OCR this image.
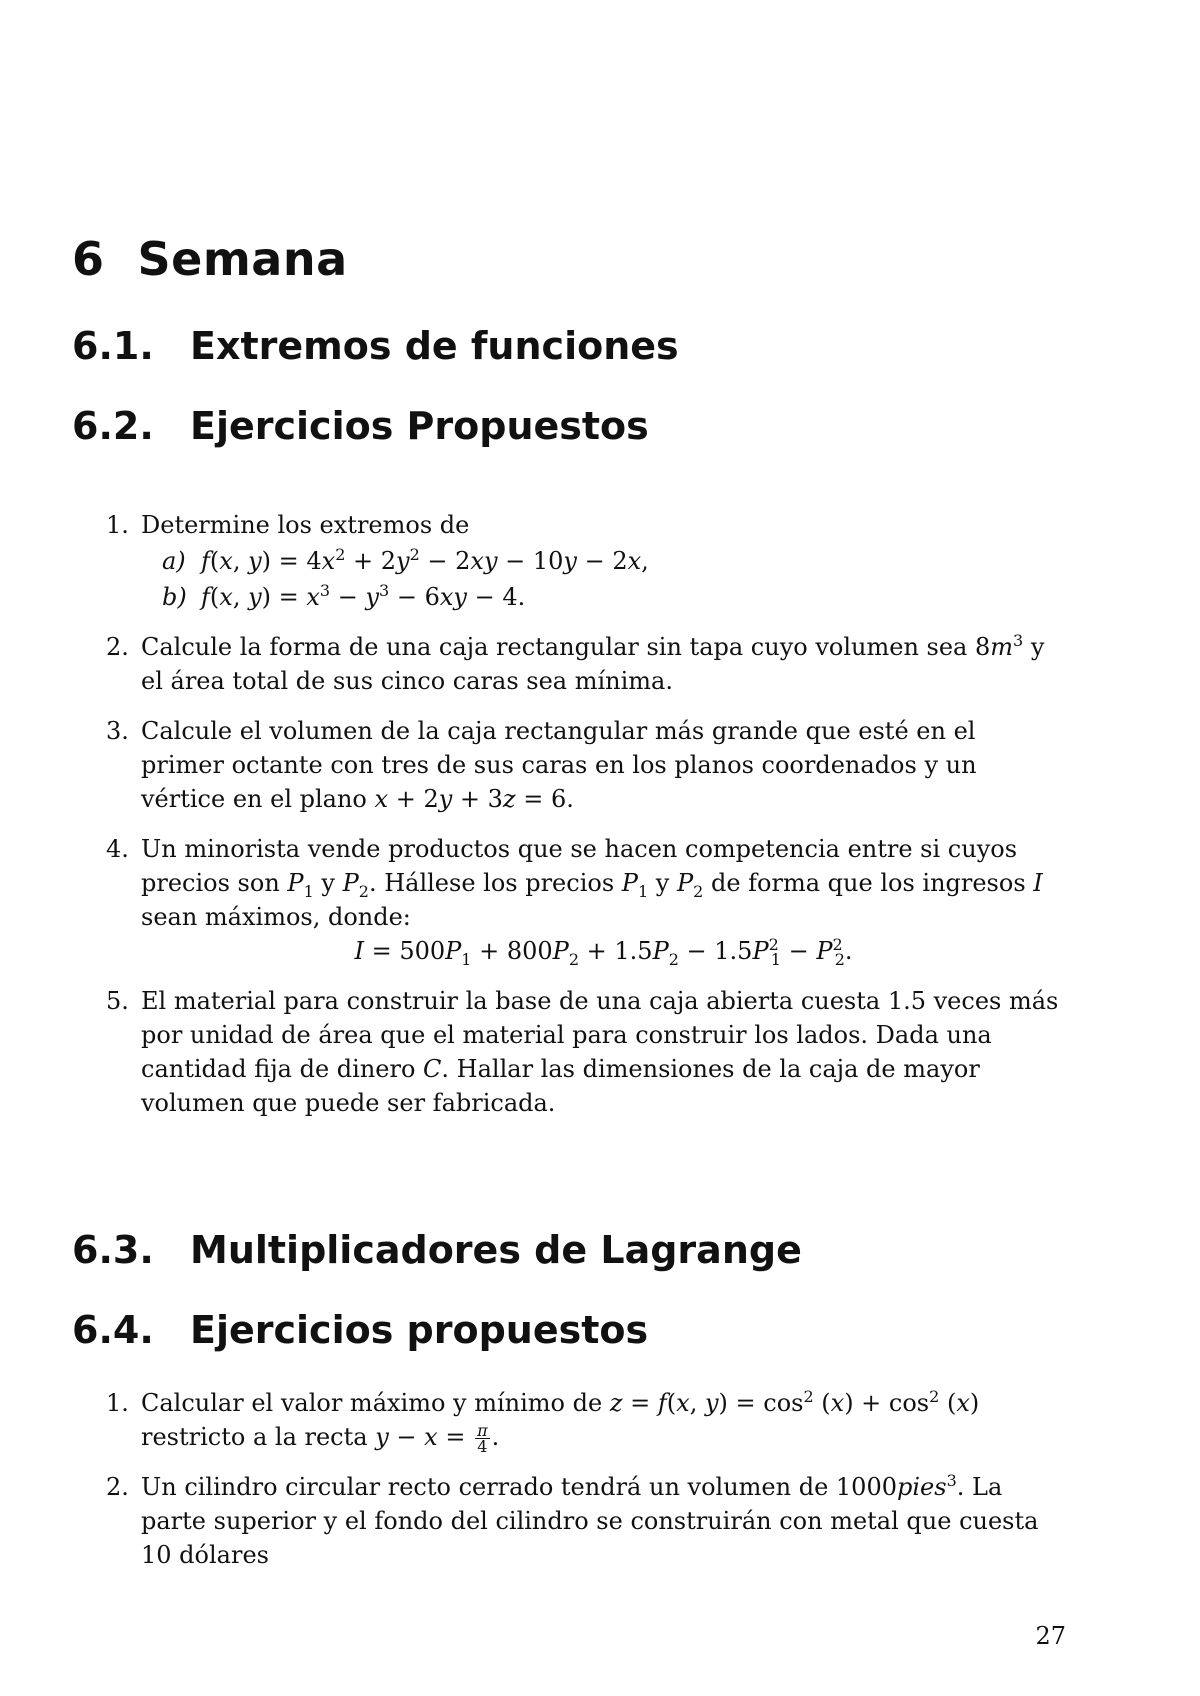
6 Semana
6.1. Extremos de funciones
6.2. Ejercicios Propuestos
1. Determine los extremos de
a) f(x, $y) = 4x^2 + 2y^2 - 2xy - 10y - 2x$,
b) f(x, $y) = x^3 - y^3 - 6xy - 4$.
2. Calcule la forma de una caja rectangular sin tapa cuyo volumen sea $8m^3$ y el área total de sus cinco caras sea mínima.
3. Calcule el volumen de la caja rectangular más grande que esté en el primer octante con tres de sus caras en los planos coordenados y un vértice en el plano x + 2y + 3z = 6.
4. Un minorista vende productos que se hacen competencia entre si cuyos precios son $P_1$ y $P_2$. Hállese los precios $P_1$ y $P_2$ de forma que los ingresos I sean máximos, donde:
$I = 500P_1 + 800P_2 + 1.5P_2 - 1.5P^2_1 - P^2_2$.
5. El material para construir la base de una caja abierta cuesta 1.5 veces más por unidad de área que el material para construir los lados. Dada una cantidad fija de dinero C. Hallar las dimensiones de la caja de mayor volumen que puede ser fabricada.
6.3. Multiplicadores de Lagrange
6.4. Ejercicios propuestos
1. Calcular el valor máximo y mínimo de z = f(x, $y) = \cos^2 (x) + \cos^2 (x)$ restricto a la recta $y - x = \frac{\pi}{4}$ .
2. Un cilindro circular recto cerrado tendrá un volumen de 1000pies$^3$. La parte superior y el fondo del cilindro se construirán con metal que cuesta 10 dólares
27
